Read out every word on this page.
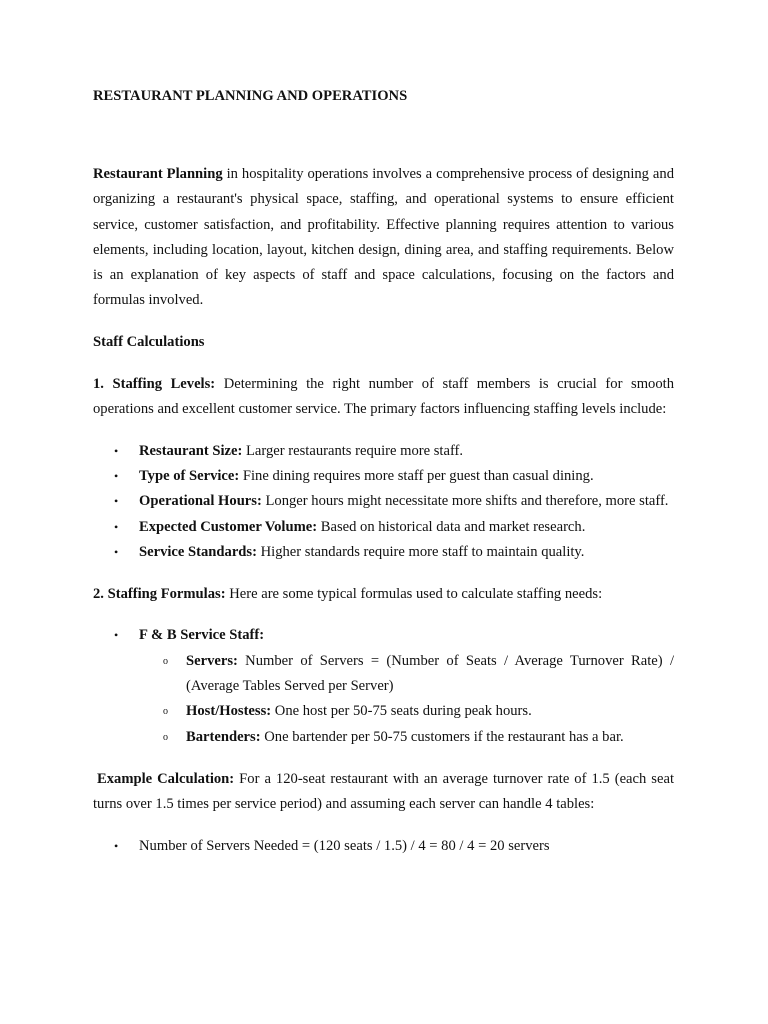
RESTAURANT PLANNING AND OPERATIONS

Restaurant Planning in hospitality operations involves a comprehensive process of designing and organizing a restaurant's physical space, staffing, and operational systems to ensure efficient service, customer satisfaction, and profitability. Effective planning requires attention to various elements, including location, layout, kitchen design, dining area, and staffing requirements. Below is an explanation of key aspects of staff and space calculations, focusing on the factors and formulas involved.

Staff Calculations

1. Staffing Levels: Determining the right number of staff members is crucial for smooth operations and excellent customer service. The primary factors influencing staffing levels include:

• Restaurant Size: Larger restaurants require more staff.
• Type of Service: Fine dining requires more staff per guest than casual dining.
• Operational Hours: Longer hours might necessitate more shifts and therefore, more staff.
• Expected Customer Volume: Based on historical data and market research.
• Service Standards: Higher standards require more staff to maintain quality.

2. Staffing Formulas: Here are some typical formulas used to calculate staffing needs:

• F & B Service Staff:
o Servers: Number of Servers = (Number of Seats / Average Turnover Rate) / (Average Tables Served per Server)
o Host/Hostess: One host per 50-75 seats during peak hours.
o Bartenders: One bartender per 50-75 customers if the restaurant has a bar.

Example Calculation: For a 120-seat restaurant with an average turnover rate of 1.5 (each seat turns over 1.5 times per service period) and assuming each server can handle 4 tables:

• Number of Servers Needed = (120 seats / 1.5) / 4 = 80 / 4 = 20 servers
